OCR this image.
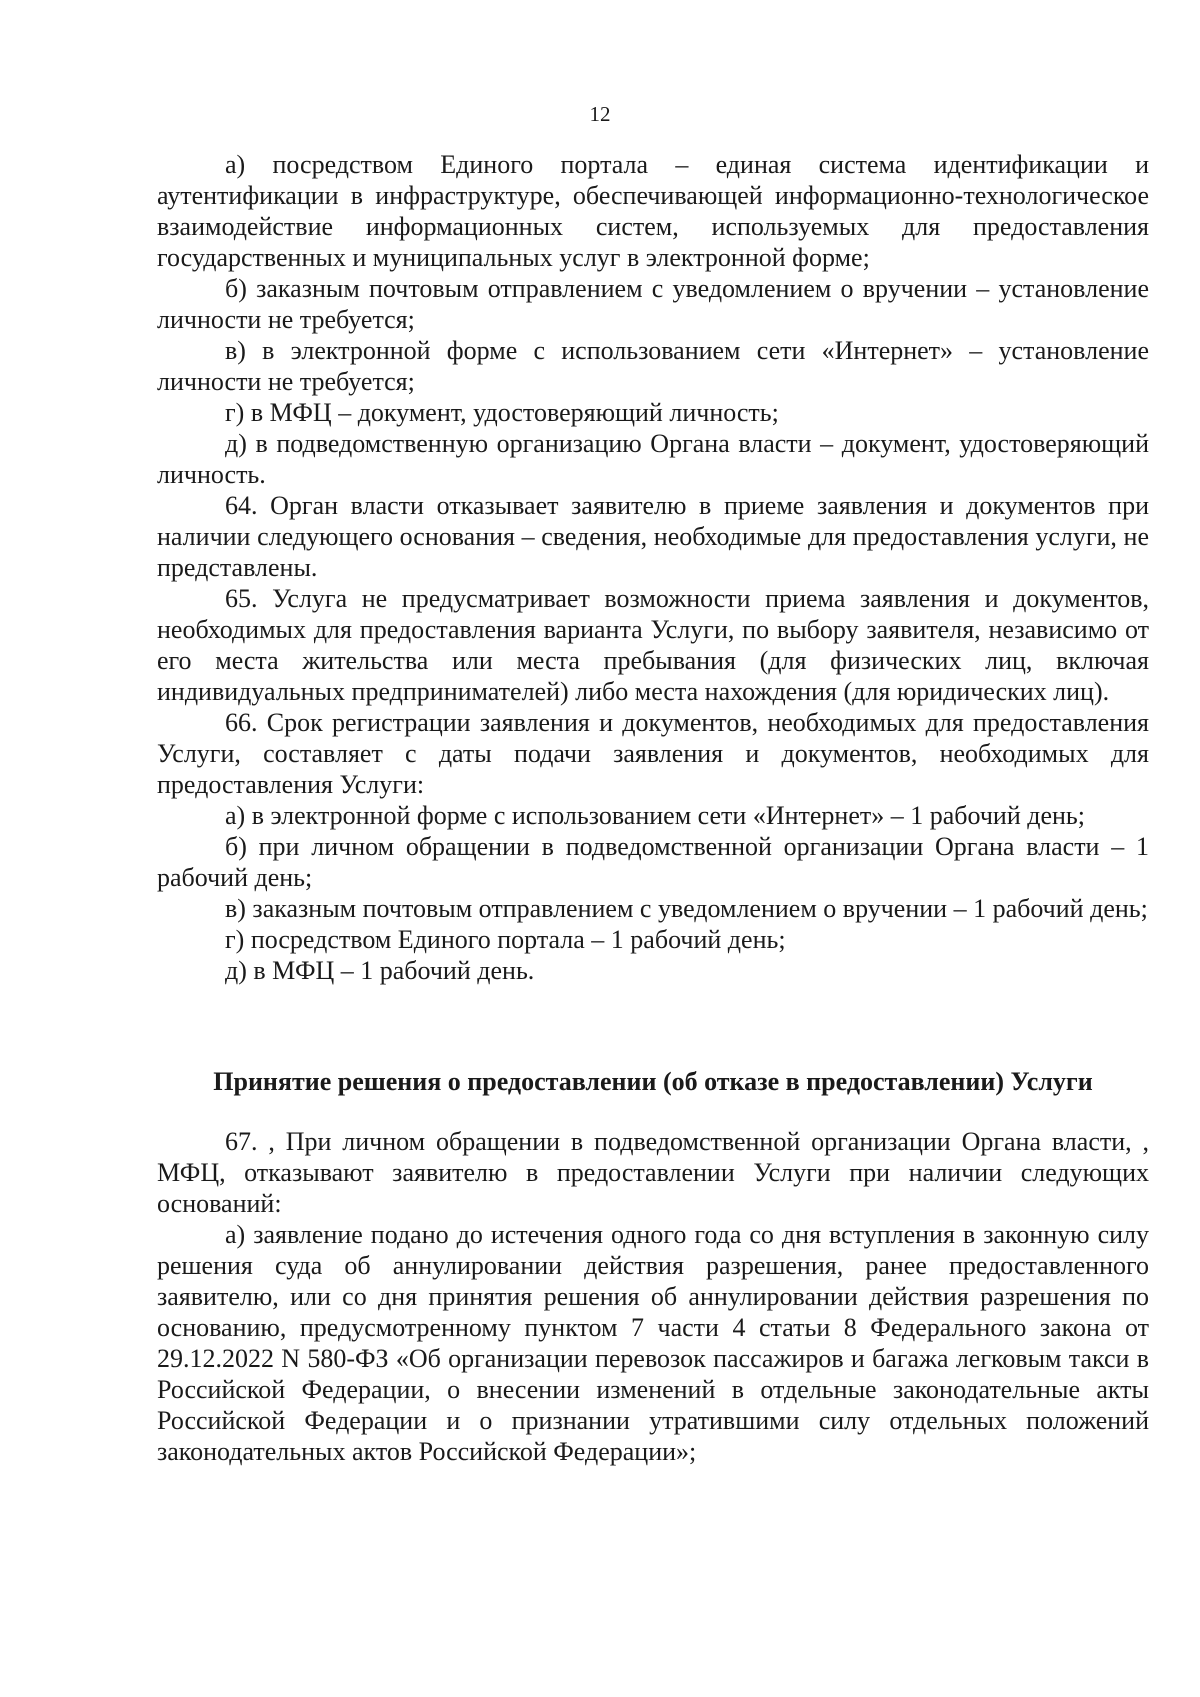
12

а) посредством Единого портала – единая система идентификации и аутентификации в инфраструктуре, обеспечивающей информационно-технологическое взаимодействие информационных систем, используемых для предоставления государственных и муниципальных услуг в электронной форме;

б) заказным почтовым отправлением с уведомлением о вручении – установление личности не требуется;

в) в электронной форме с использованием сети «Интернет» – установление личности не требуется;

г) в МФЦ – документ, удостоверяющий личность;

д) в подведомственную организацию Органа власти – документ, удостоверяющий личность.

64. Орган власти отказывает заявителю в приеме заявления и документов при наличии следующего основания – сведения, необходимые для предоставления услуги, не представлены.

65. Услуга не предусматривает возможности приема заявления и документов, необходимых для предоставления варианта Услуги, по выбору заявителя, независимо от его места жительства или места пребывания (для физических лиц, включая индивидуальных предпринимателей) либо места нахождения (для юридических лиц).

66. Срок регистрации заявления и документов, необходимых для предоставления Услуги, составляет с даты подачи заявления и документов, необходимых для предоставления Услуги:

а) в электронной форме с использованием сети «Интернет» – 1 рабочий день;

б) при личном обращении в подведомственной организации Органа власти – 1 рабочий день;

в) заказным почтовым отправлением с уведомлением о вручении – 1 рабочий день;

г) посредством Единого портала – 1 рабочий день;

д) в МФЦ – 1 рабочий день.

Принятие решения о предоставлении (об отказе в предоставлении) Услуги

67. , При личном обращении в подведомственной организации Органа власти, , МФЦ, отказывают заявителю в предоставлении Услуги при наличии следующих оснований:

а) заявление подано до истечения одного года со дня вступления в законную силу решения суда об аннулировании действия разрешения, ранее предоставленного заявителю, или со дня принятия решения об аннулировании действия разрешения по основанию, предусмотренному пунктом 7 части 4 статьи 8 Федерального закона от 29.12.2022 N 580-ФЗ «Об организации перевозок пассажиров и багажа легковым такси в Российской Федерации, о внесении изменений в отдельные законодательные акты Российской Федерации и о признании утратившими силу отдельных положений законодательных актов Российской Федерации»;
